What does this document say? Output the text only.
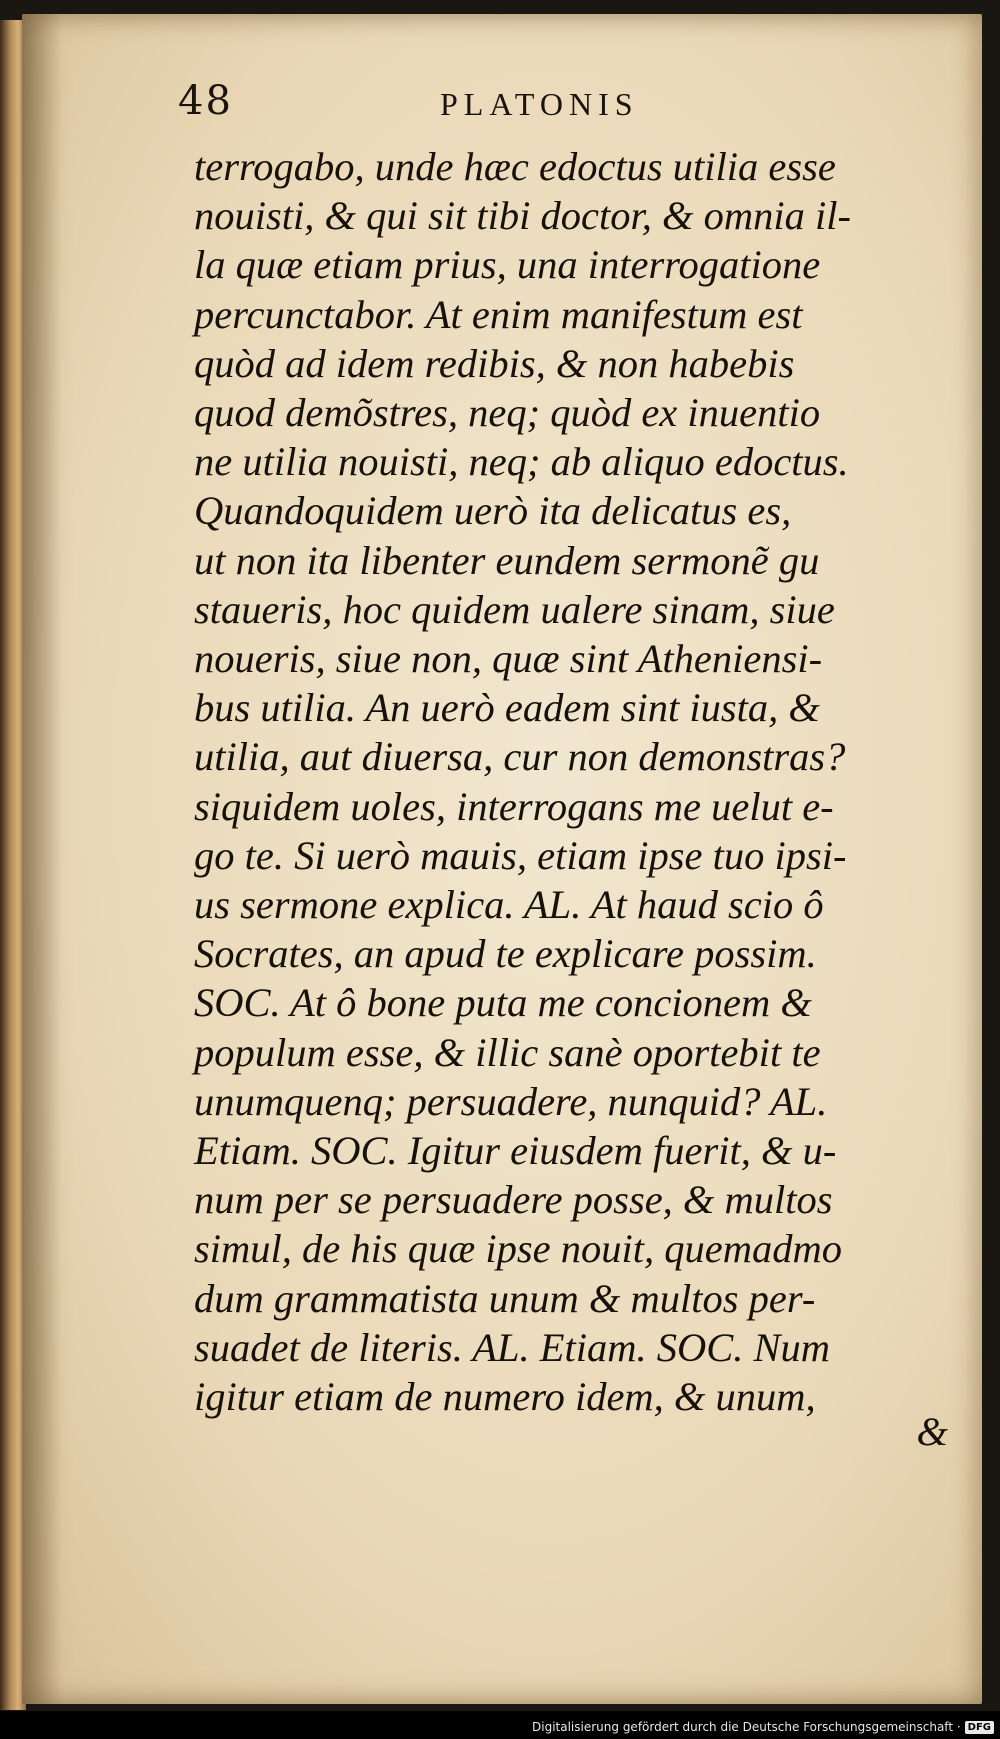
48	PLATONIS
terrogabo, unde hæc edoctus utilia esse
nouisti, & qui sit tibi doctor, & omnia il-
la quæ etiam prius, una interrogatione
percunctabor. At enim manifestum est
quòd ad idem redibis, & non habebis
quod demõstres, neq; quòd ex inuentio
ne utilia nouisti, neq; ab aliquo edoctus.
Quandoquidem uerò ita delicatus es,
ut non ita libenter eundem sermonẽ gu
staueris, hoc quidem ualere sinam, siue
noueris, siue non, quæ sint Atheniensi-
bus utilia. An uerò eadem sint iusta, &
utilia, aut diuersa, cur non demonstras?
siquidem uoles, interrogans me uelut e-
go te. Si uerò mauis, etiam ipse tuo ipsi-
us sermone explica. AL. At haud scio ô
Socrates, an apud te explicare possim.
SOC. At ô bone puta me concionem &
populum esse, & illic sanè oportebit te
unumquenq; persuadere, nunquid? AL.
Etiam. SOC. Igitur eiusdem fuerit, & u-
num per se persuadere posse, & multos
simul, de his quæ ipse nouit, quemadmo
dum grammatista unum & multos per-
suadet de literis. AL. Etiam. SOC. Num
igitur etiam de numero idem, & unum,
&
Digitalisierung gefördert durch die Deutsche Forschungsgemeinschaft · DFG
